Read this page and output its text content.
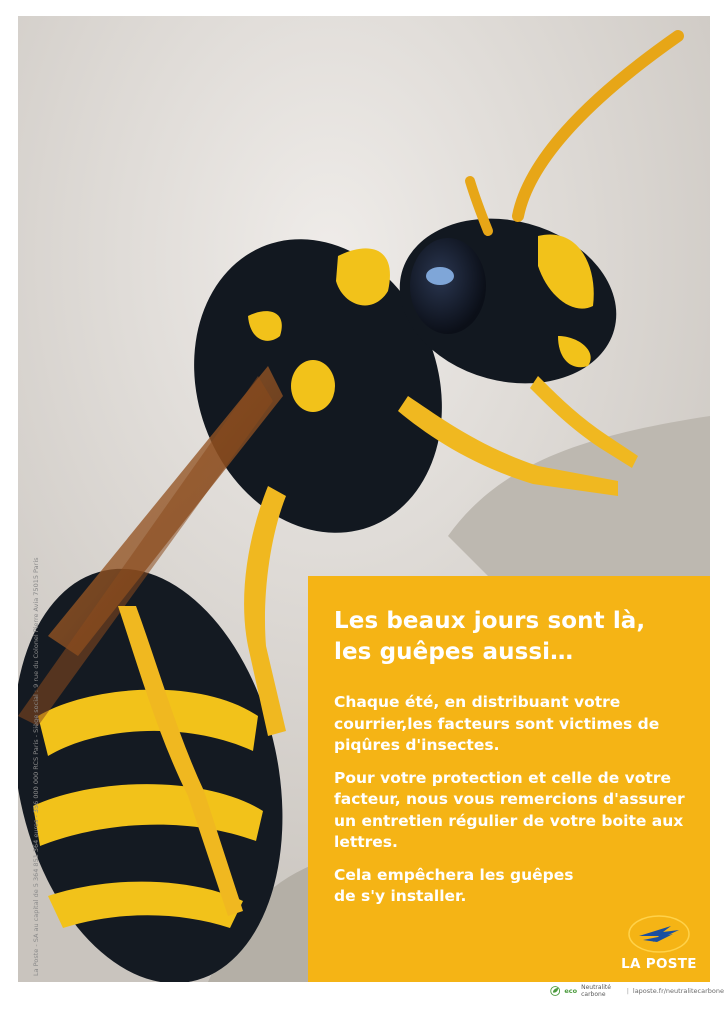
La Poste - SA au capital de 5 364 851 364 euros - 356 000 000 RCS Paris - Siège social : 9 rue du Colonel Pierre Avia 75015 Paris	Les beaux jours sont là,
les guêpes aussi…

Chaque été, en distribuant votre courrier,les facteurs sont victimes de piqûres d'insectes.

Pour votre protection et celle de votre facteur, nous vous remercions d'assurer un entretien régulier de votre boite aux lettres.

Cela empêchera les guêpes de s'y installer.

LA POSTE
eco Neutralité carbone	| laposte.fr/neutralitecarbone
